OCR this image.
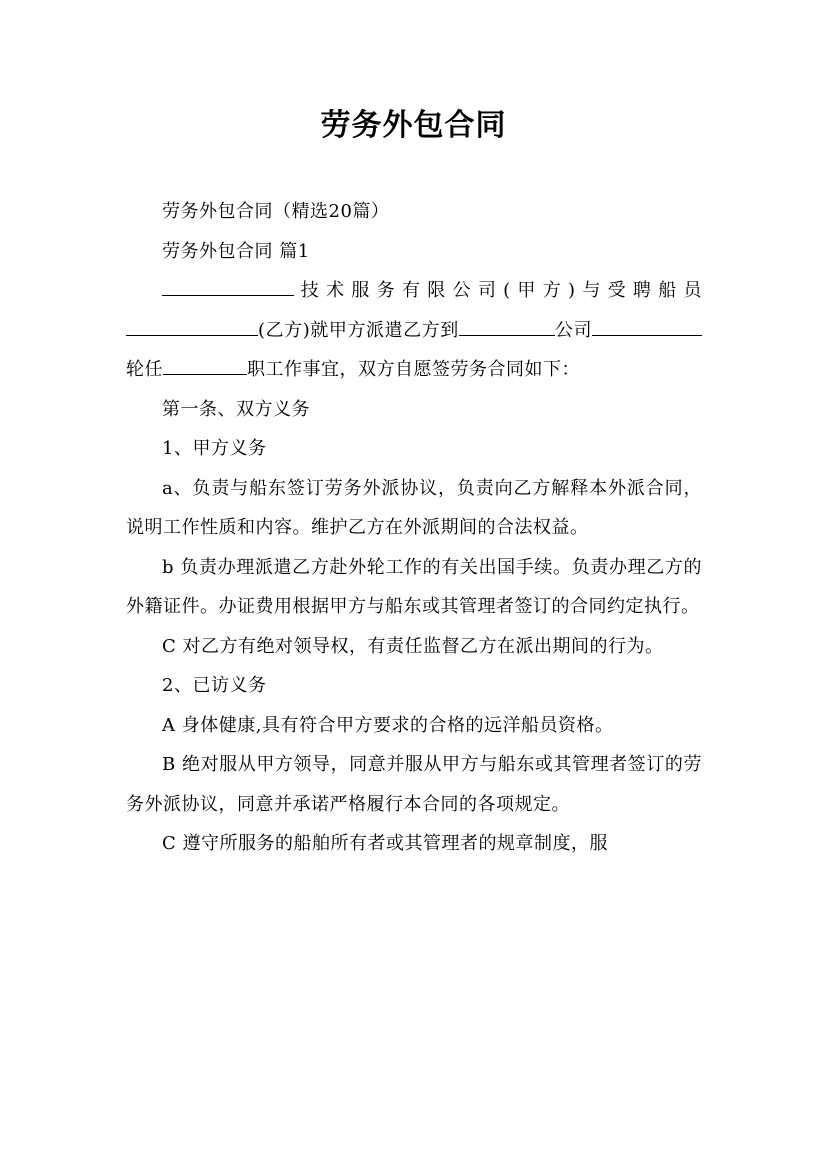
劳务外包合同

劳务外包合同（精选20篇）

劳务外包合同 篇1

技术服务有限公司(甲方)与受聘船员(乙方)就甲方派遣乙方到	公司 轮任	职工作事宜，双方自愿签劳务合同如下：

第一条、双方义务

1、甲方义务

a、负责与船东签订劳务外派协议，负责向乙方解释本外派合同，说明工作性质和内容。维护乙方在外派期间的合法权益。

b 负责办理派遣乙方赴外轮工作的有关出国手续。负责办理乙方的外籍证件。办证费用根据甲方与船东或其管理者签订的合同约定执行。

C 对乙方有绝对领导权，有责任监督乙方在派出期间的行为。

2、已访义务

A 身体健康,具有符合甲方要求的合格的远洋船员资格。

B 绝对服从甲方领导，同意并服从甲方与船东或其管理者签订的劳务外派协议，同意并承诺严格履行本合同的各项规定。

C 遵守所服务的船舶所有者或其管理者的规章制度，服
